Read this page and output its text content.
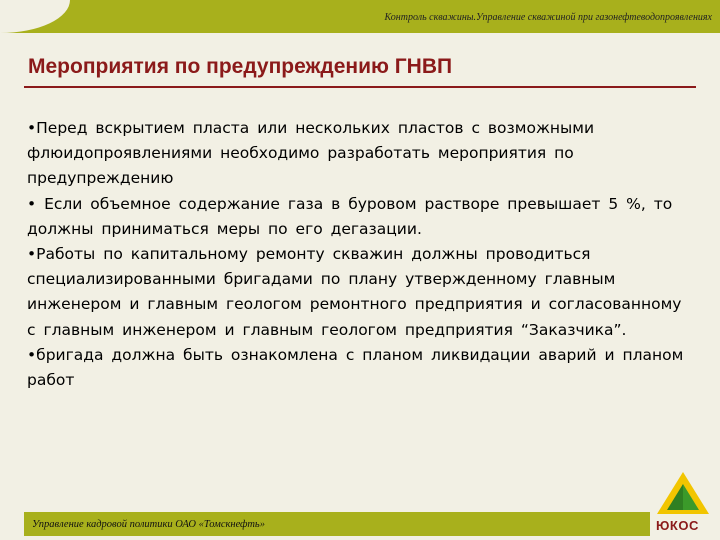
Контроль скважины.Управление скважиной при газонефтеводопроявлениях
Мероприятия по предупреждению ГНВП

•Перед вскрытием пласта или нескольких пластов с возможными флюидопроявлениями необходимо разработать мероприятия по предупреждению

• Если объемное содержание газа в буровом растворе превышает 5 %, то должны приниматься меры по его дегазации.

•Работы по капитальному ремонту скважин должны проводиться специализированными бригадами по плану утвержденному главным инженером и главным геологом ремонтного предприятия и согласованному с главным инженером и главным геологом предприятия “Заказчика”.

•бригада должна быть ознакомлена с планом ликвидации аварий и планом работ

Управление кадровой политики ОАО «Томскнефть»	ЮКОС
